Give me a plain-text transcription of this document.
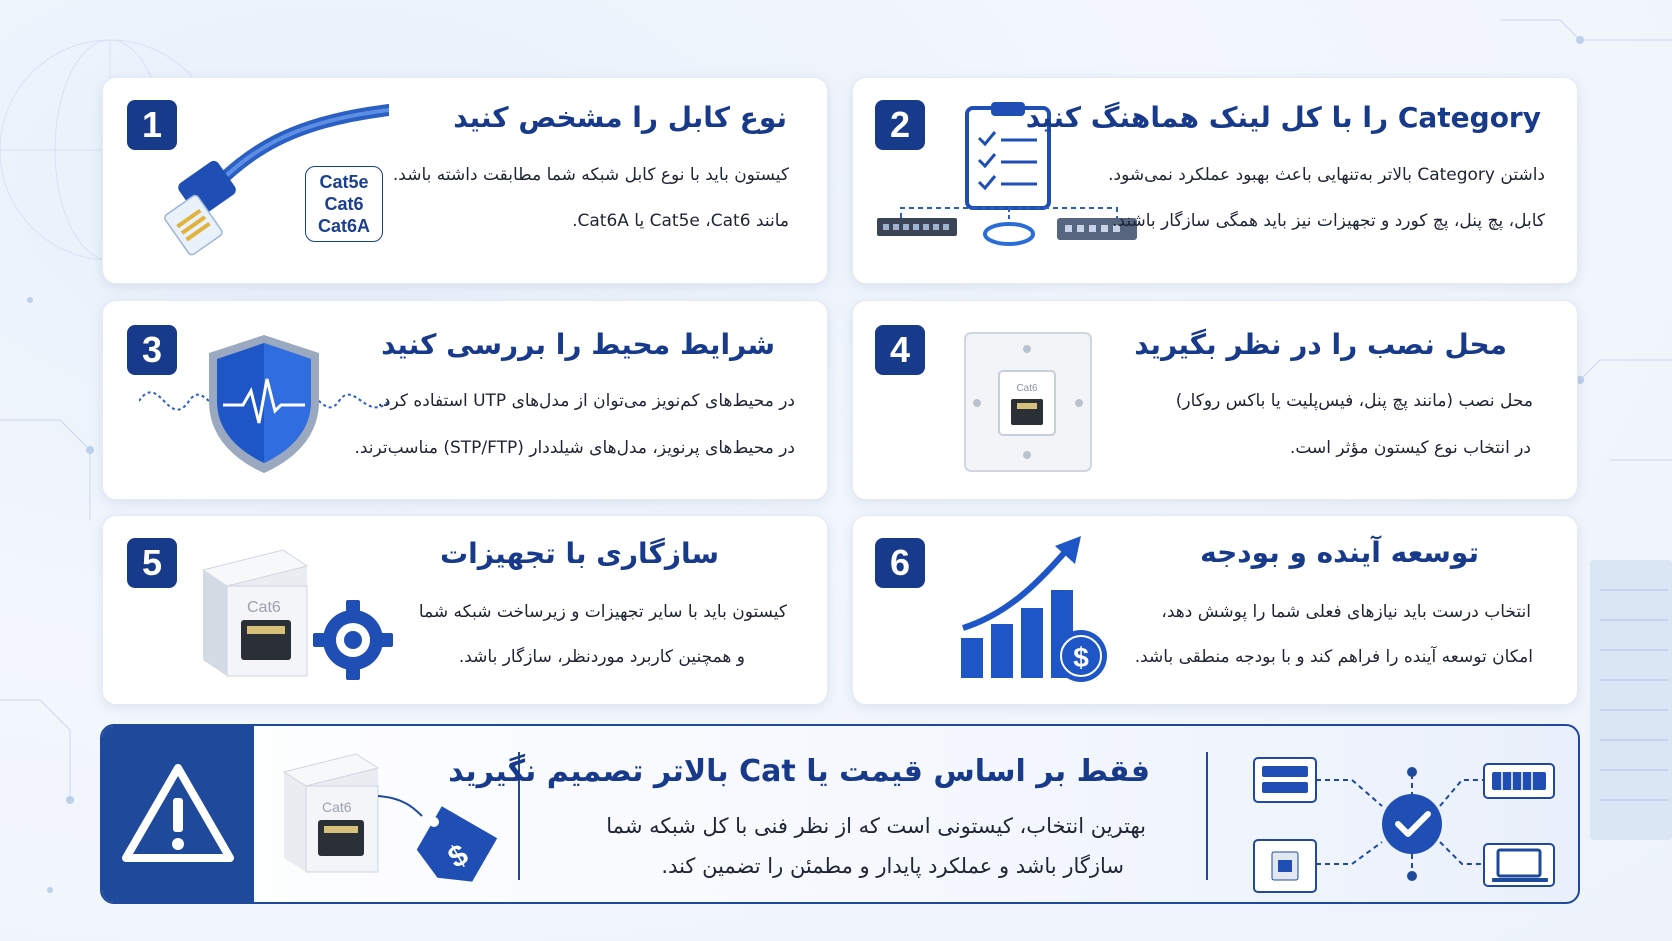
1
Cat5e
Cat6
Cat6A
نوع کابل را مشخص کنید
کیستون باید با نوع کابل شبکه شما مطابقت داشته باشد.
مانند Cat5e ،Cat6 یا Cat6A.
2	Category را با کل لینک هماهنگ کنید
داشتن Category بالاتر به‌تنهایی باعث بهبود عملکرد نمی‌شود.
کابل، پچ پنل، پچ کورد و تجهیزات نیز باید همگی سازگار باشند.
3	شرایط محیط را بررسی کنید
در محیط‌های کم‌نویز می‌توان از مدل‌های UTP استفاده کرد.
در محیط‌های پرنویز، مدل‌های شیلددار (STP/FTP) مناسب‌ترند.
4
Cat6
محل نصب را در نظر بگیرید
محل نصب (مانند پچ پنل، فیس‌پلیت یا باکس روکار)
در انتخاب نوع کیستون مؤثر است.
5
Cat6
سازگاری با تجهیزات
کیستون باید با سایر تجهیزات و زیرساخت شبکه شما
و همچنین کاربرد موردنظر، سازگار باشد.
6
$
توسعه آینده و بودجه
انتخاب درست باید نیازهای فعلی شما را پوشش دهد،
امکان توسعه آینده را فراهم کند و با بودجه منطقی باشد.
Cat6
$
فقط بر اساس قیمت یا Cat بالاتر تصمیم نگیرید
بهترین انتخاب، کیستونی است که از نظر فنی با کل شبکه شما
سازگار باشد و عملکرد پایدار و مطمئن را تضمین کند.
